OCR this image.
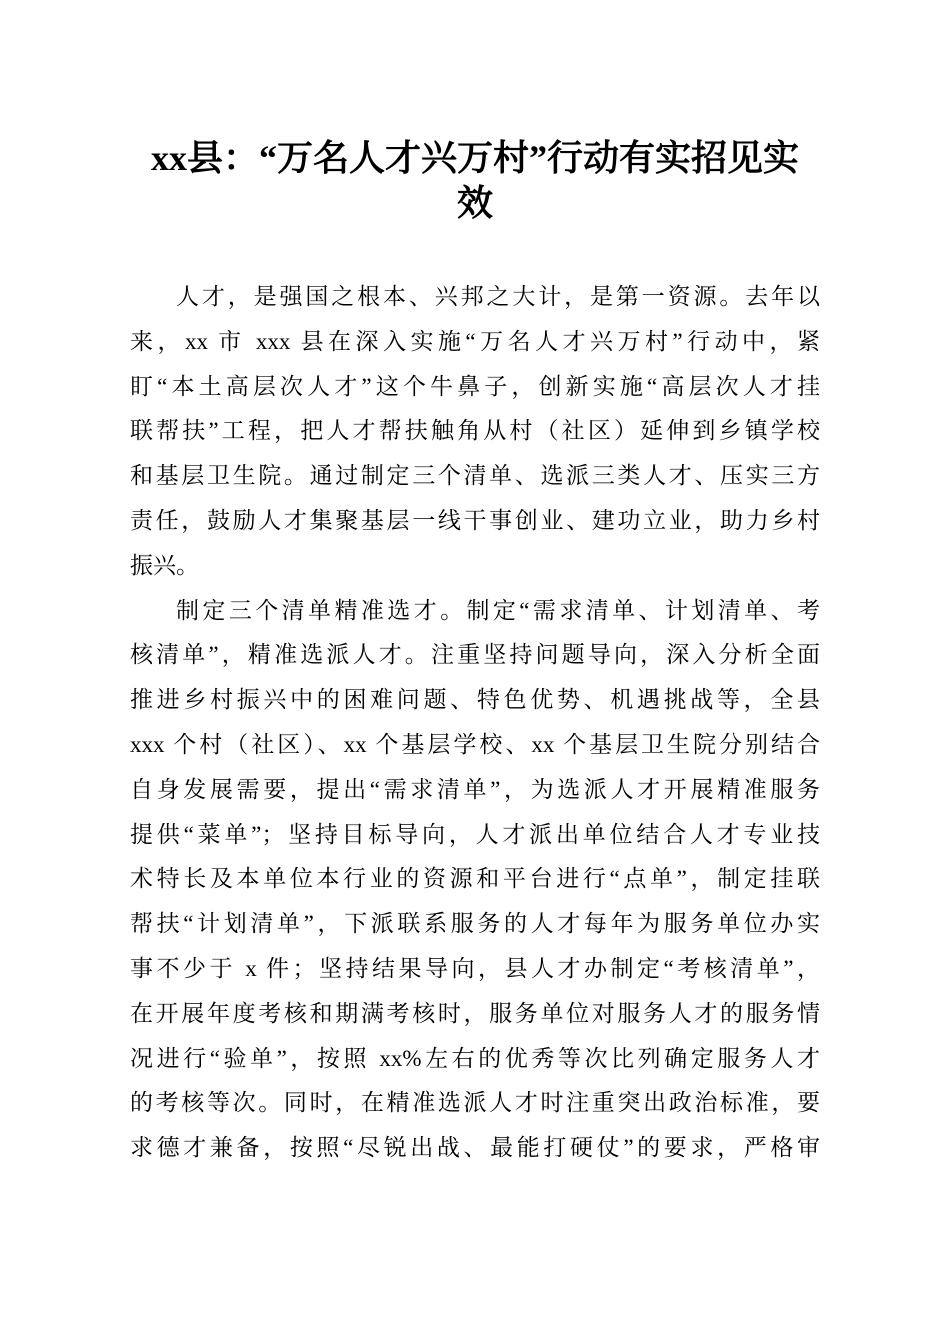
xx县：“万名人才兴万村”行动有实招见实
效
人才，是强国之根本、兴邦之大计，是第一资源。去年以
来，xx 市 xxx 县在深入实施“万名人才兴万村”行动中，紧
盯“本土高层次人才”这个牛鼻子，创新实施“高层次人才挂
联帮扶”工程，把人才帮扶触角从村（社区）延伸到乡镇学校
和基层卫生院。通过制定三个清单、选派三类人才、压实三方
责任，鼓励人才集聚基层一线干事创业、建功立业，助力乡村
振兴。
制定三个清单精准选才。制定“需求清单、计划清单、考
核清单”，精准选派人才。注重坚持问题导向，深入分析全面
推进乡村振兴中的困难问题、特色优势、机遇挑战等，全县
xxx 个村（社区）、xx 个基层学校、xx 个基层卫生院分别结合
自身发展需要，提出“需求清单”，为选派人才开展精准服务
提供“菜单”；坚持目标导向，人才派出单位结合人才专业技
术特长及本单位本行业的资源和平台进行“点单”，制定挂联
帮扶“计划清单”，下派联系服务的人才每年为服务单位办实
事不少于 x 件；坚持结果导向，县人才办制定“考核清单”，
在开展年度考核和期满考核时，服务单位对服务人才的服务情
况进行“验单”，按照 xx%左右的优秀等次比列确定服务人才
的考核等次。同时，在精准选派人才时注重突出政治标准，要
求德才兼备，按照“尽锐出战、最能打硬仗”的要求，严格审
